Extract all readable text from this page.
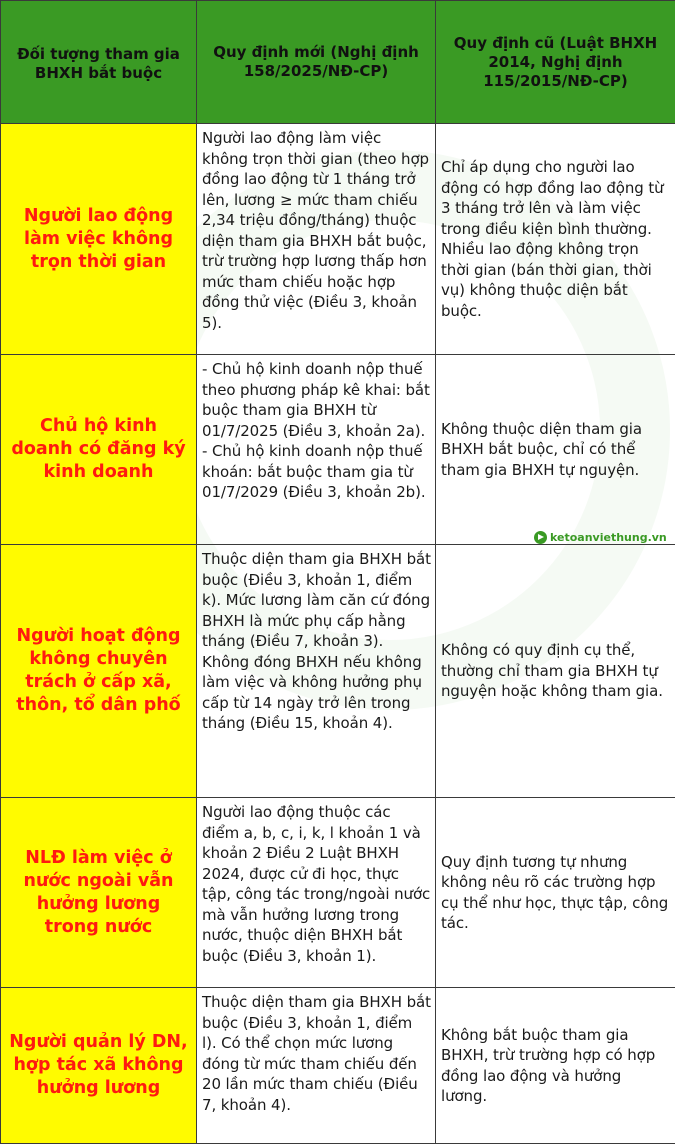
Đối tượng tham gia BHXH bắt buộc	Quy định mới (Nghị định 158/2025/NĐ-CP)	Quy định cũ (Luật BHXH 2014, Nghị định 115/2015/NĐ-CP)
Người lao động làm việc không trọn thời gian	Người lao động làm việc không trọn thời gian (theo hợp đồng lao động từ 1 tháng trở lên, lương ≥ mức tham chiếu 2,34 triệu đồng/tháng) thuộc diện tham gia BHXH bắt buộc, trừ trường hợp lương thấp hơn mức tham chiếu hoặc hợp đồng thử việc (Điều 3, khoản 5).	Chỉ áp dụng cho người lao động có hợp đồng lao động từ 3 tháng trở lên và làm việc trong điều kiện bình thường. Nhiều lao động không trọn thời gian (bán thời gian, thời vụ) không thuộc diện bắt buộc.
Chủ hộ kinh doanh có đăng ký kinh doanh	- Chủ hộ kinh doanh nộp thuế theo phương pháp kê khai: bắt buộc tham gia BHXH từ 01/7/2025 (Điều 3, khoản 2a). - Chủ hộ kinh doanh nộp thuế khoán: bắt buộc tham gia từ 01/7/2029 (Điều 3, khoản 2b).	Không thuộc diện tham gia BHXH bắt buộc, chỉ có thể tham gia BHXH tự nguyện.
Người hoạt động không chuyên trách ở cấp xã, thôn, tổ dân phố	Thuộc diện tham gia BHXH bắt buộc (Điều 3, khoản 1, điểm k). Mức lương làm căn cứ đóng BHXH là mức phụ cấp hằng tháng (Điều 7, khoản 3). Không đóng BHXH nếu không làm việc và không hưởng phụ cấp từ 14 ngày trở lên trong tháng (Điều 15, khoản 4).	Không có quy định cụ thể, thường chỉ tham gia BHXH tự nguyện hoặc không tham gia.
NLĐ làm việc ở nước ngoài vẫn hưởng lương trong nước	Người lao động thuộc các điểm a, b, c, i, k, l khoản 1 và khoản 2 Điều 2 Luật BHXH 2024, được cử đi học, thực tập, công tác trong/ngoài nước mà vẫn hưởng lương trong nước, thuộc diện BHXH bắt buộc (Điều 3, khoản 1).	Quy định tương tự nhưng không nêu rõ các trường hợp cụ thể như học, thực tập, công tác.
Người quản lý DN, hợp tác xã không hưởng lương	Thuộc diện tham gia BHXH bắt buộc (Điều 3, khoản 1, điểm l). Có thể chọn mức lương đóng từ mức tham chiếu đến 20 lần mức tham chiếu (Điều 7, khoản 4).	Không bắt buộc tham gia BHXH, trừ trường hợp có hợp đồng lao động và hưởng lương.
ketoanviethung.vn
